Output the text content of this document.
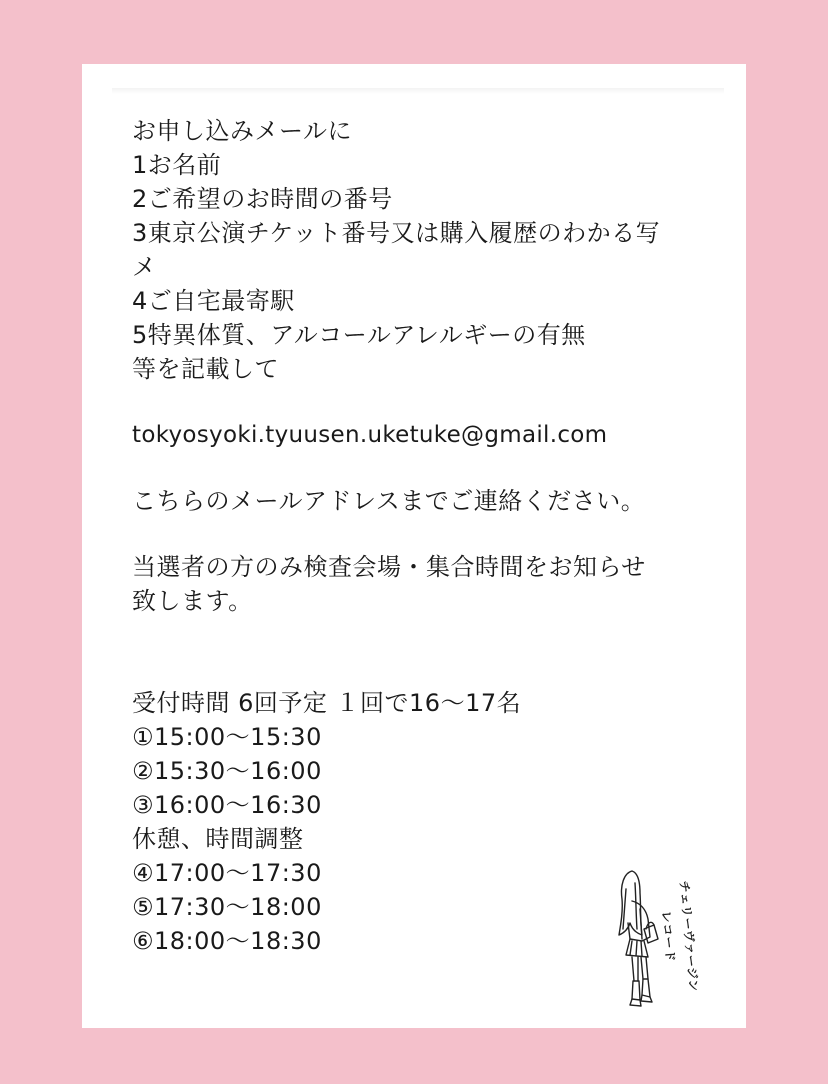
お申し込みメールに
1お名前
2ご希望のお時間の番号
3東京公演チケット番号又は購入履歴のわかる写
メ
4ご自宅最寄駅
5特異体質、アルコールアレルギーの有無
等を記載して
tokyosyoki.tyuusen.uketuke@gmail.com
こちらのメールアドレスまでご連絡ください。
当選者の方のみ検査会場・集合時間をお知らせ
致します。
受付時間 6回予定 １回で16〜17名
①15:00〜15:30
②15:30〜16:00
③16:00〜16:30
休憩、時間調整
④17:00〜17:30
⑤17:30〜18:00
⑥18:00〜18:30	チェリーヴァージン
レコード
